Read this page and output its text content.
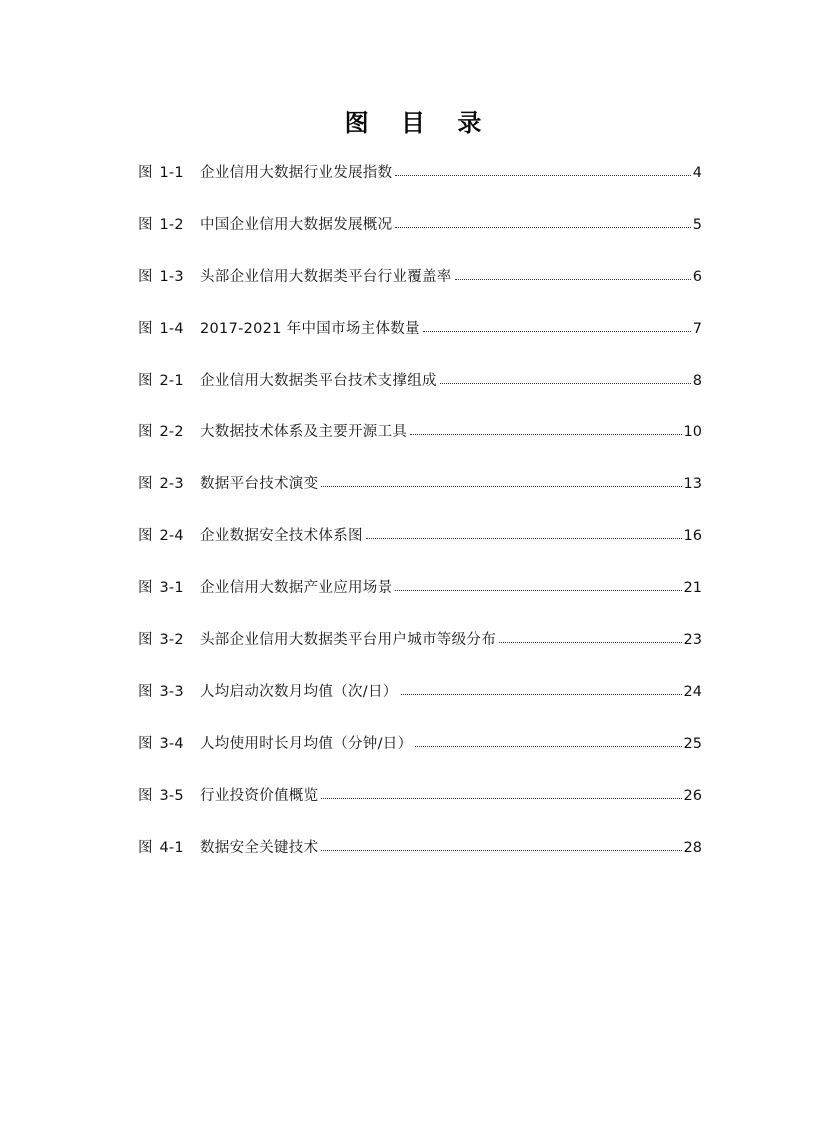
图 目 录
图 1-1	企业信用大数据行业发展指数	4
图 1-2	中国企业信用大数据发展概况	5
图 1-3	头部企业信用大数据类平台行业覆盖率	6
图 1-4	2017-2021 年中国市场主体数量	7
图 2-1	企业信用大数据类平台技术支撑组成	8
图 2-2	大数据技术体系及主要开源工具	10
图 2-3	数据平台技术演变	13
图 2-4	企业数据安全技术体系图	16
图 3-1	企业信用大数据产业应用场景	21
图 3-2	头部企业信用大数据类平台用户城市等级分布	23
图 3-3	人均启动次数月均值（次/日）	24
图 3-4	人均使用时长月均值（分钟/日）	25
图 3-5	行业投资价值概览	26
图 4-1	数据安全关键技术	28
